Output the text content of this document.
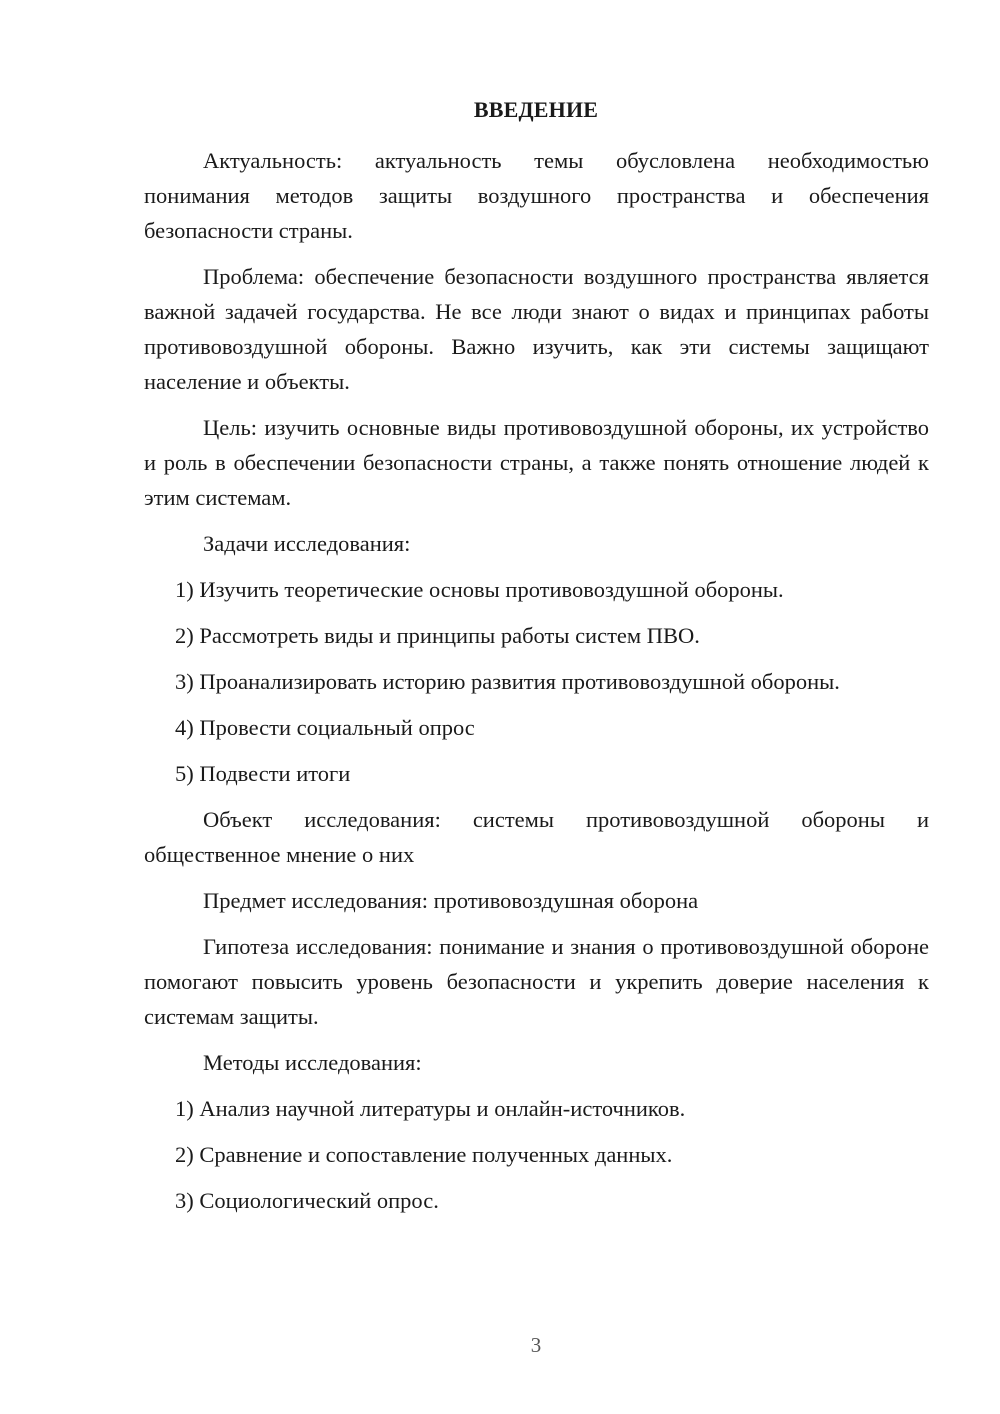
ВВЕДЕНИЕ

Актуальность: актуальность темы обусловлена необходимостью понимания методов защиты воздушного пространства и обеспечения безопасности страны.

Проблема: обеспечение безопасности воздушного пространства является важной задачей государства. Не все люди знают о видах и принципах работы противовоздушной обороны. Важно изучить, как эти системы защищают население и объекты.

Цель: изучить основные виды противовоздушной обороны, их устройство и роль в обеспечении безопасности страны, а также понять отношение людей к этим системам.

Задачи исследования:

1) Изучить теоретические основы противовоздушной обороны.

2) Рассмотреть виды и принципы работы систем ПВО.

3) Проанализировать историю развития противовоздушной обороны.

4) Провести социальный опрос

5) Подвести итоги

Объект исследования: системы противовоздушной обороны и общественное мнение о них

Предмет исследования: противовоздушная оборона

Гипотеза исследования: понимание и знания о противовоздушной обороне помогают повысить уровень безопасности и укрепить доверие населения к системам защиты.

Методы исследования:

1) Анализ научной литературы и онлайн-источников.

2) Сравнение и сопоставление полученных данных.

3) Социологический опрос.

3
